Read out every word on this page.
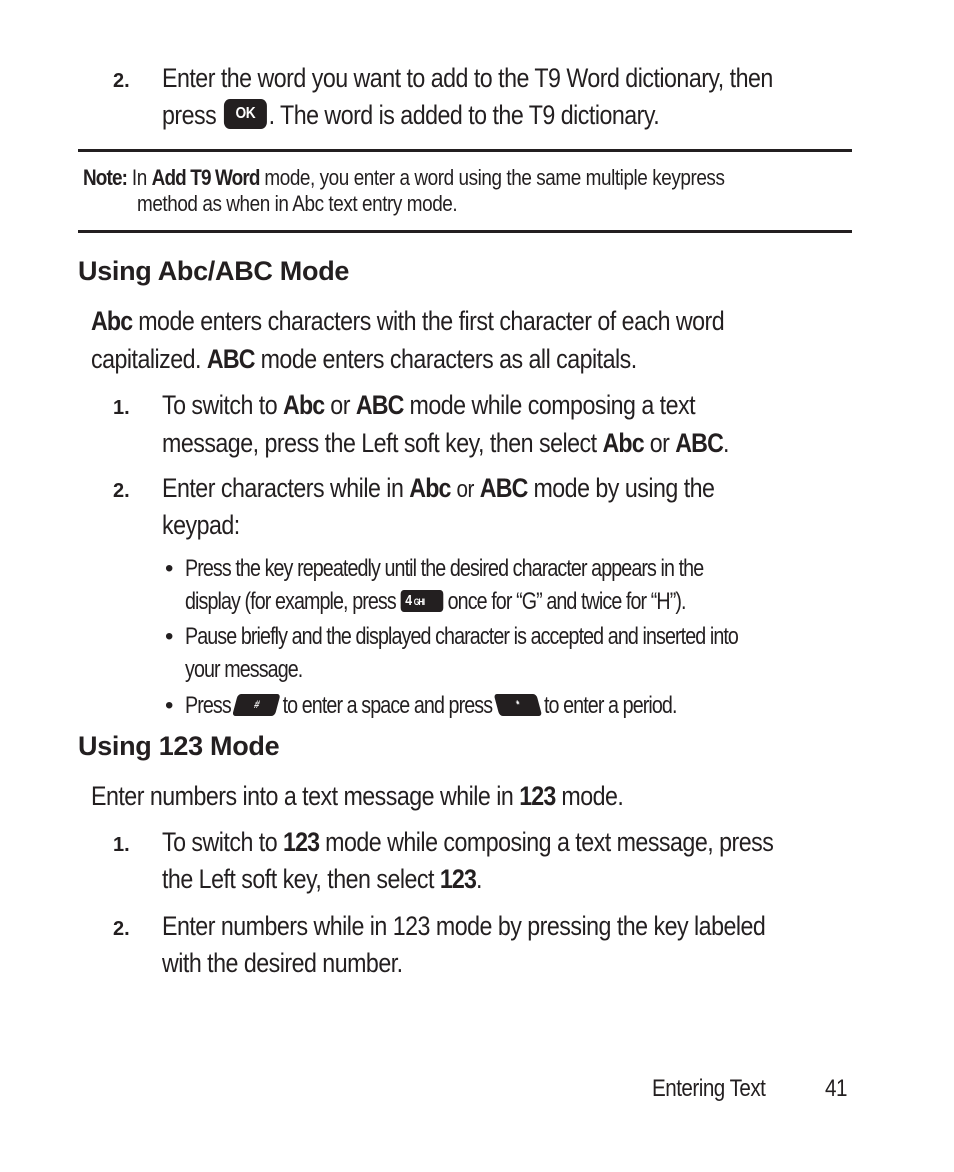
2. Enter the word you want to add to the T9 Word dictionary, then
press OK . The word is added to the T9 dictionary.
Note: In Add T9 Word mode, you enter a word using the same multiple keypress
method as when in Abc text entry mode.
Using Abc/ABC Mode
Abc mode enters characters with the first character of each word
capitalized. ABC mode enters characters as all capitals.
1. To switch to Abc or ABC mode while composing a text
message, press the Left soft key, then select Abc or ABC.
2. Enter characters while in Abc or ABC mode by using the
keypad:
• Press the key repeatedly until the desired character appears in the
display (for example, press 4 GHI once for “G” and twice for “H”).
• Pause briefly and the displayed character is accepted and inserted into
your message.
• Press # to enter a space and press * to enter a period.
Using 123 Mode
Enter numbers into a text message while in 123 mode.
1. To switch to 123 mode while composing a text message, press
the Left soft key, then select 123.
2. Enter numbers while in 123 mode by pressing the key labeled
with the desired number.
Entering Text	41
